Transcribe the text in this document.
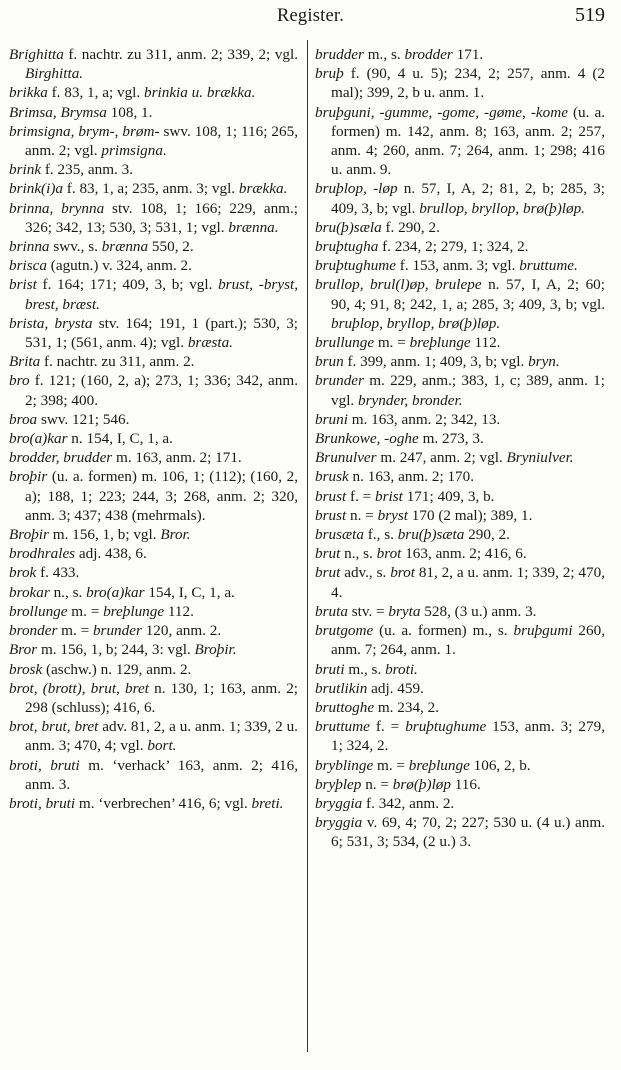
Register.	519
Brighitta f. nachtr. zu 311, anm. 2; 339, 2; vgl. Birghitta.
brikka f. 83, 1, a; vgl. brinkia u. brækka.
Brimsa, Brymsa 108, 1.
brimsigna, brym-, brøm- swv. 108, 1; 116; 265, anm. 2; vgl. primsigna.
brink f. 235, anm. 3.
brink(i)a f. 83, 1, a; 235, anm. 3; vgl. brækka.
brinna, brynna stv. 108, 1; 166; 229, anm.; 326; 342, 13; 530, 3; 531, 1; vgl. brænna.
brinna swv., s. brænna 550, 2.
brisca (agutn.) v. 324, anm. 2.
brist f. 164; 171; 409, 3, b; vgl. brust, -bryst, brest, bræst.
brista, brysta stv. 164; 191, 1 (part.); 530, 3; 531, 1; (561, anm. 4); vgl. bræsta.
Brita f. nachtr. zu 311, anm. 2.
bro f. 121; (160, 2, a); 273, 1; 336; 342, anm. 2; 398; 400.
broa swv. 121; 546.
bro(a)kar n. 154, I, C, 1, a.
brodder, brudder m. 163, anm. 2; 171.
broþir (u. a. formen) m. 106, 1; (112); (160, 2, a); 188, 1; 223; 244, 3; 268, anm. 2; 320, anm. 3; 437; 438 (mehrmals).
Broþir m. 156, 1, b; vgl. Bror.
brodhrales adj. 438, 6.
brok f. 433.
brokar n., s. bro(a)kar 154, I, C, 1, a.
brollunge m. = breþlunge 112.
bronder m. = brunder 120, anm. 2.
Bror m. 156, 1, b; 244, 3: vgl. Broþir.
brosk (aschw.) n. 129, anm. 2.
brot, (brott), brut, bret n. 130, 1; 163, anm. 2; 298 (schluss); 416, 6.
brot, brut, bret adv. 81, 2, a u. anm. 1; 339, 2 u. anm. 3; 470, 4; vgl. bort.
broti, bruti m. ‘verhack’ 163, anm. 2; 416, anm. 3.
broti, bruti m. ‘verbrechen’ 416, 6; vgl. breti.
brudder m., s. brodder 171.
bruþ f. (90, 4 u. 5); 234, 2; 257, anm. 4 (2 mal); 399, 2, b u. anm. 1.
bruþguni, -gumme, -gome, -gøme, -kome (u. a. formen) m. 142, anm. 8; 163, anm. 2; 257, anm. 4; 260, anm. 7; 264, anm. 1; 298; 416 u. anm. 9.
bruþlop, -løp n. 57, I, A, 2; 81, 2, b; 285, 3; 409, 3, b; vgl. brullop, bryllop, brø(þ)løp.
bru(þ)sæla f. 290, 2.
bruþtugha f. 234, 2; 279, 1; 324, 2.
bruþtughume f. 153, anm. 3; vgl. bruttume.
brullop, brul(l)øp, brulepe n. 57, I, A, 2; 60; 90, 4; 91, 8; 242, 1, a; 285, 3; 409, 3, b; vgl. bruþlop, bryllop, brø(þ)løp.
brullunge m. = breþlunge 112.
brun f. 399, anm. 1; 409, 3, b; vgl. bryn.
brunder m. 229, anm.; 383, 1, c; 389, anm. 1; vgl. brynder, bronder.
bruni m. 163, anm. 2; 342, 13.
Brunkowe, -oghe m. 273, 3.
Brunulver m. 247, anm. 2; vgl. Bryniulver.
brusk n. 163, anm. 2; 170.
brust f. = brist 171; 409, 3, b.
brust n. = bryst 170 (2 mal); 389, 1.
brusæta f., s. bru(þ)sæta 290, 2.
brut n., s. brot 163, anm. 2; 416, 6.
brut adv., s. brot 81, 2, a u. anm. 1; 339, 2; 470, 4.
bruta stv. = bryta 528, (3 u.) anm. 3.
brutgome (u. a. formen) m., s. bruþgumi 260, anm. 7; 264, anm. 1.
bruti m., s. broti.
brutlikin adj. 459.
bruttoghe m. 234, 2.
bruttume f. = bruþtughume 153, anm. 3; 279, 1; 324, 2.
bryblinge m. = breþlunge 106, 2, b.
bryþlep n. = brø(þ)løp 116.
bryggia f. 342, anm. 2.
bryggia v. 69, 4; 70, 2; 227; 530 u. (4 u.) anm. 6; 531, 3; 534, (2 u.) 3.
